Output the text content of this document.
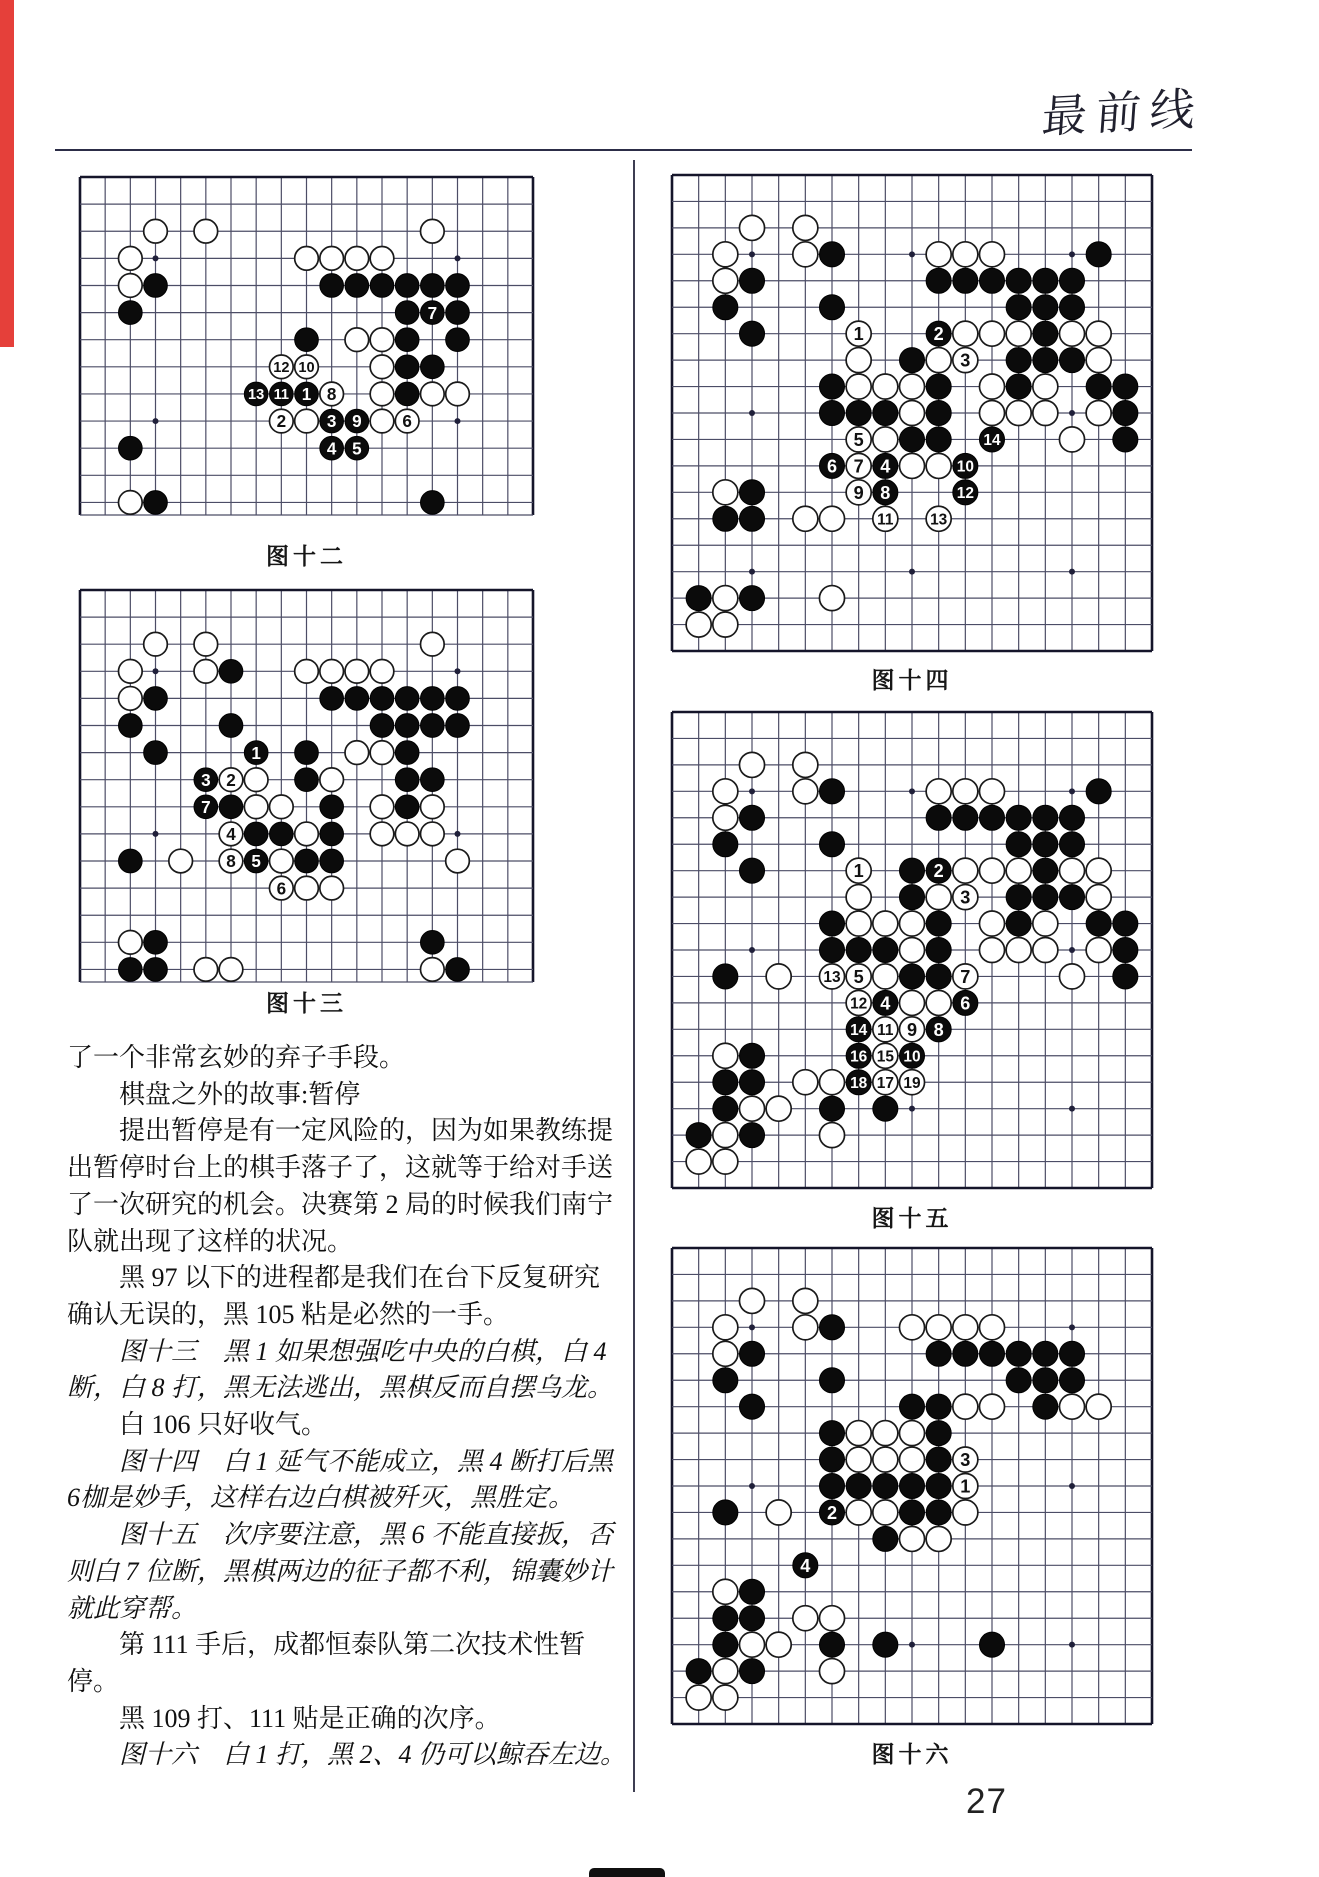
最前线
7
12 10
13 11 1 8
2 3 9 6
4 5
图十二
1
3 2
7
4
8 5
6
图十三
1	2
3
5	14
6 7 4	10
9 8	12
11 13
图十四
1	2
3
13 5	7
12 4	6
14 11 9 8
16 15 10
18 17 19
图十五
3
1
2
4
图十六
了一个非常玄妙的弃子手段。
棋盘之外的故事:暂停
提出暂停是有一定风险的，因为如果教练提
出暂停时台上的棋手落子了，这就等于给对手送
了一次研究的机会。决赛第 2 局的时候我们南宁
队就出现了这样的状况。
黑 97 以下的进程都是我们在台下反复研究
确认无误的，黑 105 粘是必然的一手。
图十三　黑 1 如果想强吃中央的白棋，白 4
断，白 8 打，黑无法逃出，黑棋反而自摆乌龙。
白 106 只好收气。
图十四　白 1 延气不能成立，黑 4 断打后黑
6枷是妙手，这样右边白棋被歼灭，黑胜定。
图十五　次序要注意，黑 6 不能直接扳，否
则白 7 位断，黑棋两边的征子都不利，锦囊妙计
就此穿帮。
第 111 手后，成都恒泰队第二次技术性暂
停。
黑 109 打、111 贴是正确的次序。
图十六　白 1 打，黑 2、4 仍可以鲸吞左边。
27
